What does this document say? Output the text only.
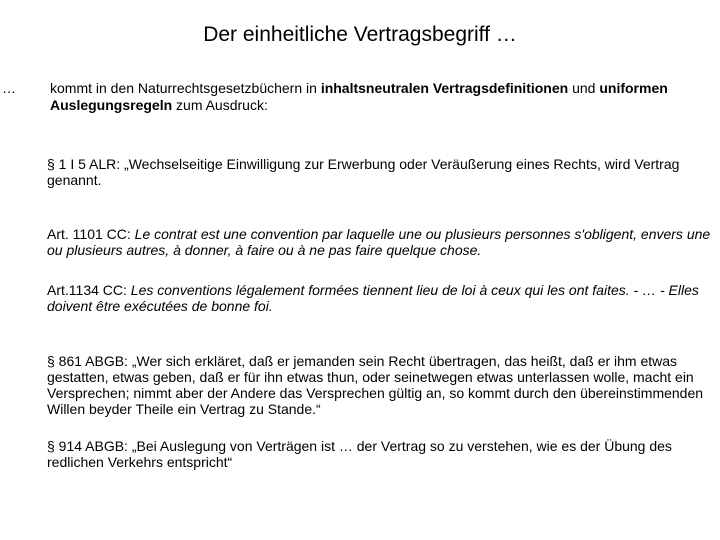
Der einheitliche Vertragsbegriff …
… kommt in den Naturrechtsgesetzbüchern in inhaltsneutralen Vertragsdefinitionen und uniformen Auslegungsregeln zum Ausdruck:
§ 1 I 5 ALR: „Wechselseitige Einwilligung zur Erwerbung oder Veräußerung eines Rechts, wird Vertrag genannt.
Art. 1101 CC: Le contrat est une convention par laquelle une ou plusieurs personnes s'obligent, envers une ou plusieurs autres, à donner, à faire ou à ne pas faire quelque chose.
Art.1134 CC: Les conventions légalement formées tiennent lieu de loi à ceux qui les ont faites. - … - Elles doivent être exécutées de bonne foi.
§ 861 ABGB: „Wer sich erkläret, daß er jemanden sein Recht übertragen, das heißt, daß er ihm etwas gestatten, etwas geben, daß er für ihn etwas thun, oder seinetwegen etwas unterlassen wolle, macht ein Versprechen; nimmt aber der Andere das Versprechen gültig an, so kommt durch den übereinstimmenden Willen beyder Theile ein Vertrag zu Stande.“
§ 914 ABGB: „Bei Auslegung von Verträgen ist … der Vertrag so zu verstehen, wie es der Übung des redlichen Verkehrs entspricht“
